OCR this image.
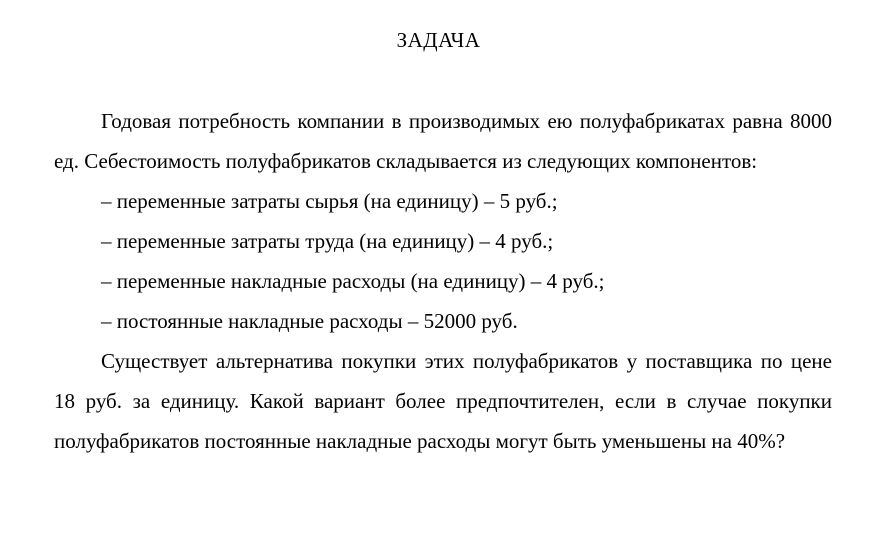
ЗАДАЧА

Годовая потребность компании в производимых ею полуфабрикатах равна 8000 ед. Себестоимость полуфабрикатов складывается из следующих компонентов:

– переменные затраты сырья (на единицу) – 5 руб.;

– переменные затраты труда (на единицу) – 4 руб.;

– переменные накладные расходы (на единицу) – 4 руб.;

– постоянные накладные расходы – 52000 руб.

Существует альтернатива покупки этих полуфабрикатов у поставщика по цене 18 руб. за единицу. Какой вариант более предпочтителен, если в случае покупки полуфабрикатов постоянные накладные расходы могут быть уменьшены на 40%?
